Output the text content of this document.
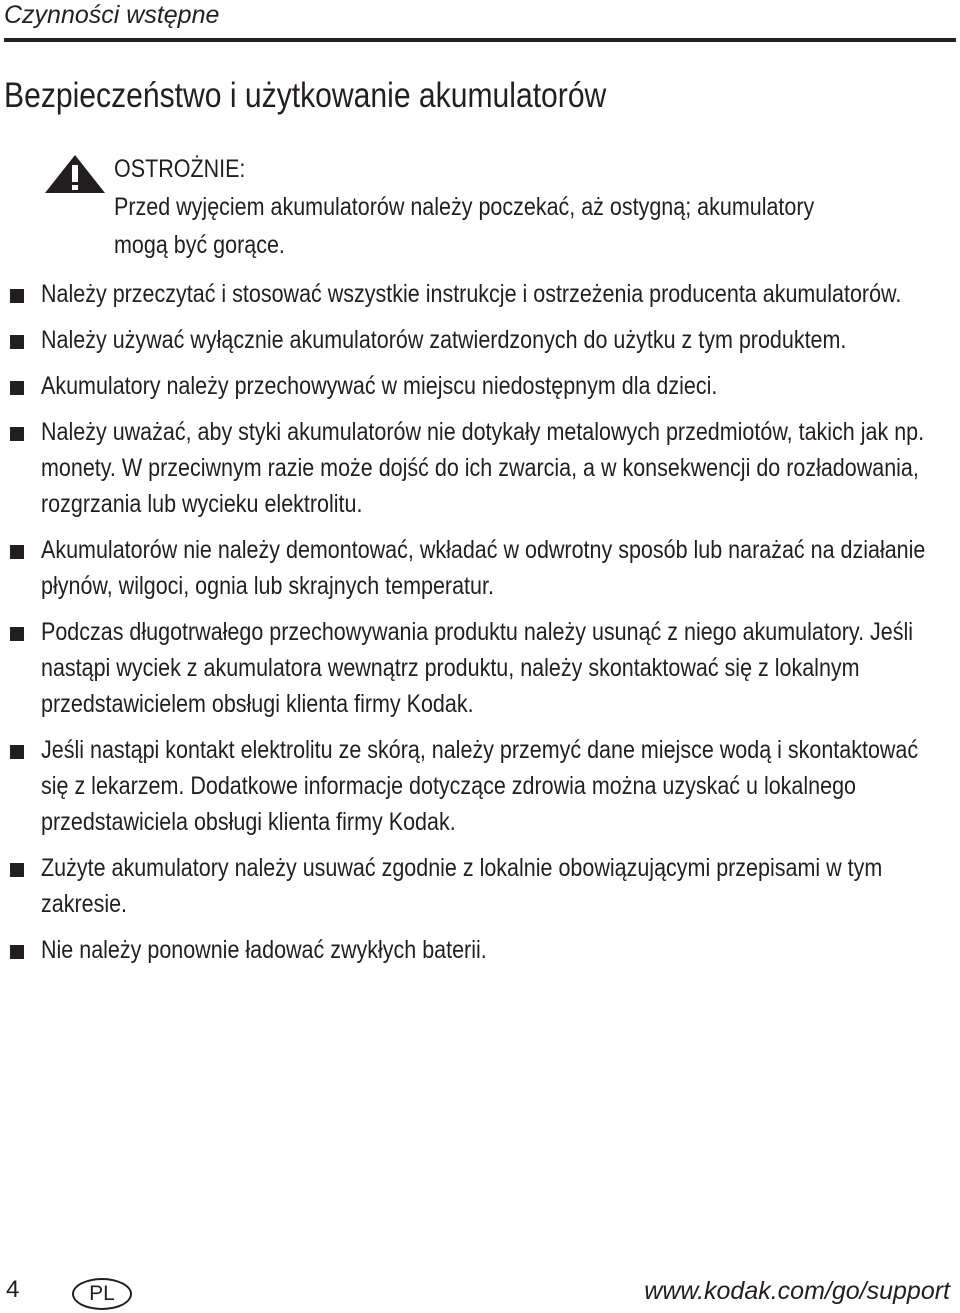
Czynności wstępne
Bezpieczeństwo i użytkowanie akumulatorów
OSTROŻNIE:
Przed wyjęciem akumulatorów należy poczekać, aż ostygną; akumulatory
mogą być gorące.
Należy przeczytać i stosować wszystkie instrukcje i ostrzeżenia producenta akumulatorów.
Należy używać wyłącznie akumulatorów zatwierdzonych do użytku z tym produktem.
Akumulatory należy przechowywać w miejscu niedostępnym dla dzieci.
Należy uważać, aby styki akumulatorów nie dotykały metalowych przedmiotów, takich jak np. monety. W przeciwnym razie może dojść do ich zwarcia, a w konsekwencji do rozładowania, rozgrzania lub wycieku elektrolitu.
Akumulatorów nie należy demontować, wkładać w odwrotny sposób lub narażać na działanie płynów, wilgoci, ognia lub skrajnych temperatur.
Podczas długotrwałego przechowywania produktu należy usunąć z niego akumulatory. Jeśli nastąpi wyciek z akumulatora wewnątrz produktu, należy skontaktować się z lokalnym przedstawicielem obsługi klienta firmy Kodak.
Jeśli nastąpi kontakt elektrolitu ze skórą, należy przemyć dane miejsce wodą i skontaktować się z lekarzem. Dodatkowe informacje dotyczące zdrowia można uzyskać u lokalnego przedstawiciela obsługi klienta firmy Kodak.
Zużyte akumulatory należy usuwać zgodnie z lokalnie obowiązującymi przepisami w tym zakresie.
Nie należy ponownie ładować zwykłych baterii.
4	PL	www.kodak.com/go/support
